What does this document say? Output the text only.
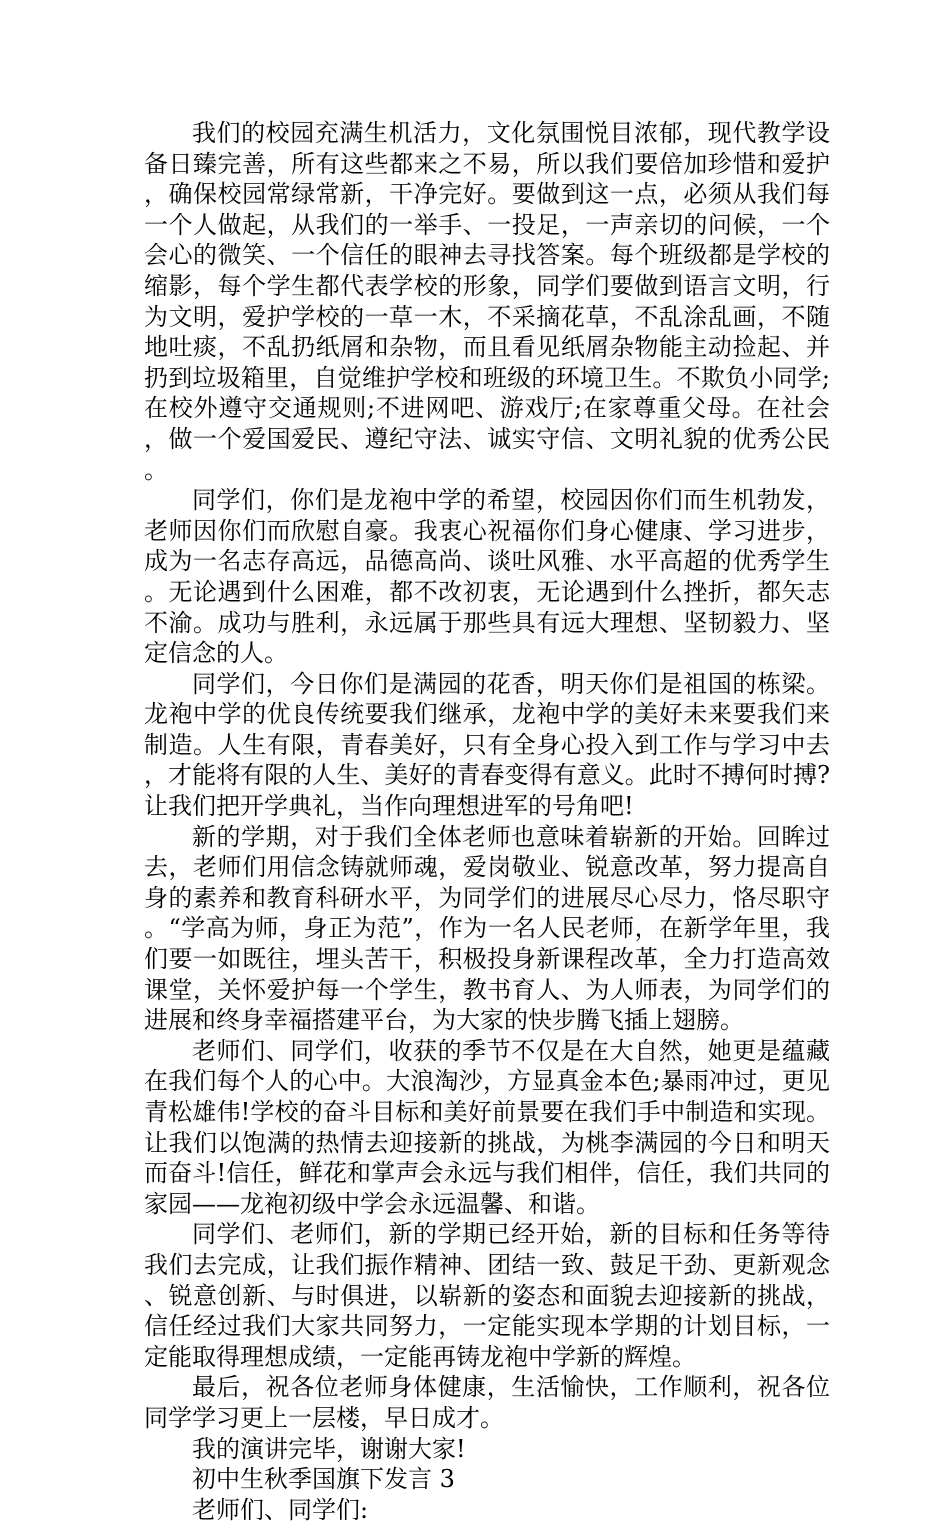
我们的校园充满生机活力，文化氛围悦目浓郁，现代教学设备日臻完善，所有这些都来之不易，所以我们要倍加珍惜和爱护，确保校园常绿常新，干净完好。要做到这一点，必须从我们每一个人做起，从我们的一举手、一投足，一声亲切的问候，一个会心的微笑、一个信任的眼神去寻找答案。每个班级都是学校的缩影，每个学生都代表学校的形象，同学们要做到语言文明，行为文明，爱护学校的一草一木，不采摘花草，不乱涂乱画，不随地吐痰，不乱扔纸屑和杂物，而且看见纸屑杂物能主动捡起、并扔到垃圾箱里，自觉维护学校和班级的环境卫生。不欺负小同学;在校外遵守交通规则;不进网吧、游戏厅;在家尊重父母。在社会，做一个爱国爱民、遵纪守法、诚实守信、文明礼貌的优秀公民。

同学们，你们是龙袍中学的希望，校园因你们而生机勃发，老师因你们而欣慰自豪。我衷心祝福你们身心健康、学习进步，成为一名志存高远，品德高尚、谈吐风雅、水平高超的优秀学生。无论遇到什么困难，都不改初衷，无论遇到什么挫折，都矢志不渝。成功与胜利，永远属于那些具有远大理想、坚韧毅力、坚定信念的人。

同学们，今日你们是满园的花香，明天你们是祖国的栋梁。龙袍中学的优良传统要我们继承，龙袍中学的美好未来要我们来制造。人生有限，青春美好，只有全身心投入到工作与学习中去，才能将有限的人生、美好的青春变得有意义。此时不搏何时搏?让我们把开学典礼，当作向理想进军的号角吧!

新的学期，对于我们全体老师也意味着崭新的开始。回眸过去，老师们用信念铸就师魂，爱岗敬业、锐意改革，努力提高自身的素养和教育科研水平，为同学们的进展尽心尽力，恪尽职守。“学高为师，身正为范”，作为一名人民老师，在新学年里，我们要一如既往，埋头苦干，积极投身新课程改革，全力打造高效课堂，关怀爱护每一个学生，教书育人、为人师表，为同学们的进展和终身幸福搭建平台，为大家的快步腾飞插上翅膀。

老师们、同学们，收获的季节不仅是在大自然，她更是蕴藏在我们每个人的心中。大浪淘沙，方显真金本色;暴雨冲过，更见青松雄伟!学校的奋斗目标和美好前景要在我们手中制造和实现。让我们以饱满的热情去迎接新的挑战，为桃李满园的今日和明天而奋斗!信任，鲜花和掌声会永远与我们相伴，信任，我们共同的家园——龙袍初级中学会永远温馨、和谐。

同学们、老师们，新的学期已经开始，新的目标和任务等待我们去完成，让我们振作精神、团结一致、鼓足干劲、更新观念、锐意创新、与时俱进，以崭新的姿态和面貌去迎接新的挑战，信任经过我们大家共同努力，一定能实现本学期的计划目标，一定能取得理想成绩，一定能再铸龙袍中学新的辉煌。

最后，祝各位老师身体健康，生活愉快，工作顺利，祝各位同学学习更上一层楼，早日成才。

我的演讲完毕，谢谢大家!

初中生秋季国旗下发言 3

老师们、同学们:
